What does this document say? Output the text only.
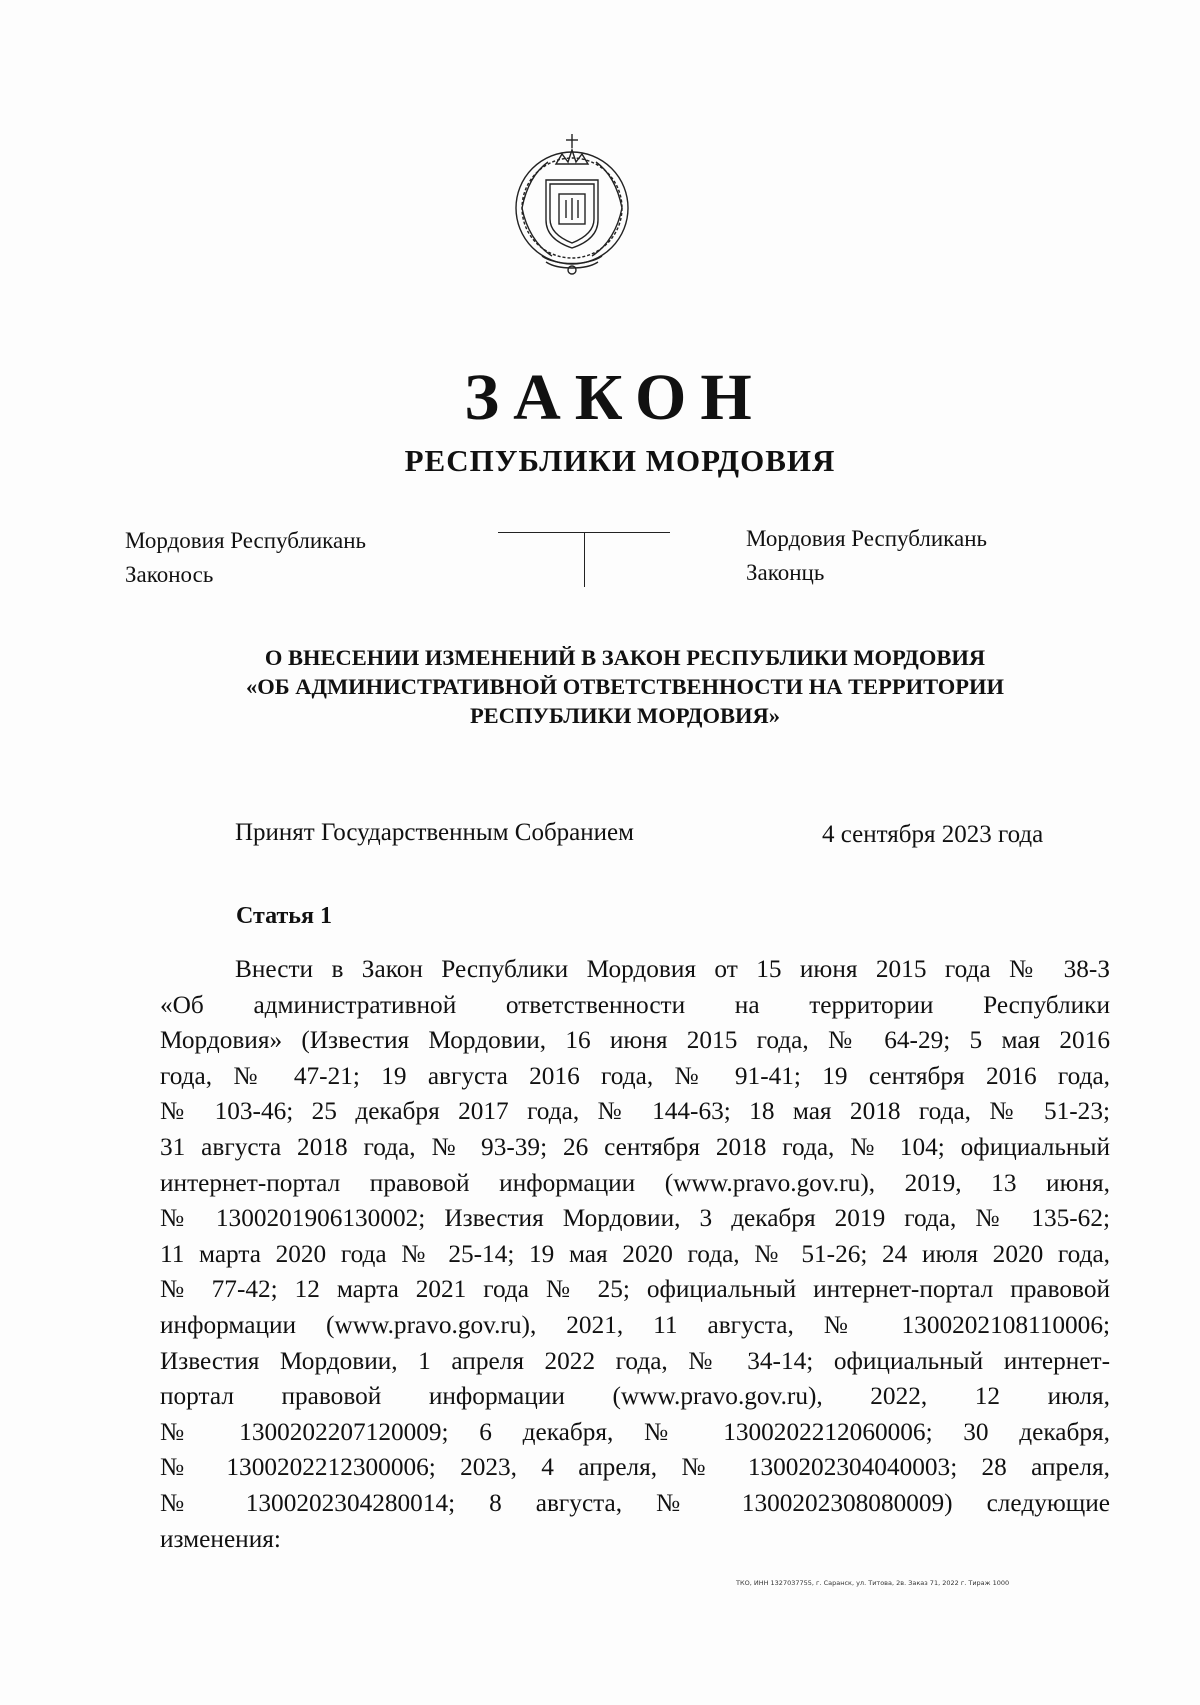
ЗАКОН
РЕСПУБЛИКИ МОРДОВИЯ
Мордовия Республикань
Законось
Мордовия Республикань
Законць
О ВНЕСЕНИИ ИЗМЕНЕНИЙ В ЗАКОН РЕСПУБЛИКИ МОРДОВИЯ
«ОБ АДМИНИСТРАТИВНОЙ ОТВЕТСТВЕННОСТИ НА ТЕРРИТОРИИ
РЕСПУБЛИКИ МОРДОВИЯ»
Принят Государственным Собранием	4 сентября 2023 года
Статья 1
Внести в Закон Республики Мордовия от 15 июня 2015 года № 38-З
«Об административной ответственности на территории Республики
Мордовия» (Известия Мордовии, 16 июня 2015 года, № 64-29; 5 мая 2016
года, № 47-21; 19 августа 2016 года, № 91-41; 19 сентября 2016 года,
№ 103-46; 25 декабря 2017 года, № 144-63; 18 мая 2018 года, № 51-23;
31 августа 2018 года, № 93-39; 26 сентября 2018 года, № 104; официальный
интернет-портал правовой информации (www.pravo.gov.ru), 2019, 13 июня,
№ 1300201906130002; Известия Мордовии, 3 декабря 2019 года, № 135-62;
11 марта 2020 года № 25-14; 19 мая 2020 года, № 51-26; 24 июля 2020 года,
№ 77-42; 12 марта 2021 года № 25; официальный интернет-портал правовой
информации (www.pravo.gov.ru), 2021, 11 августа, № 1300202108110006;
Известия Мордовии, 1 апреля 2022 года, № 34-14; официальный интернет-
портал правовой информации (www.pravo.gov.ru), 2022, 12 июля,
№ 1300202207120009; 6 декабря, № 1300202212060006; 30 декабря,
№ 1300202212300006; 2023, 4 апреля, № 1300202304040003; 28 апреля,
№ 1300202304280014; 8 августа, № 1300202308080009) следующие
изменения:
ТКО, ИНН 1327037755, г. Саранск, ул. Титова, 2в. Заказ 71, 2022 г. Тираж 1000
